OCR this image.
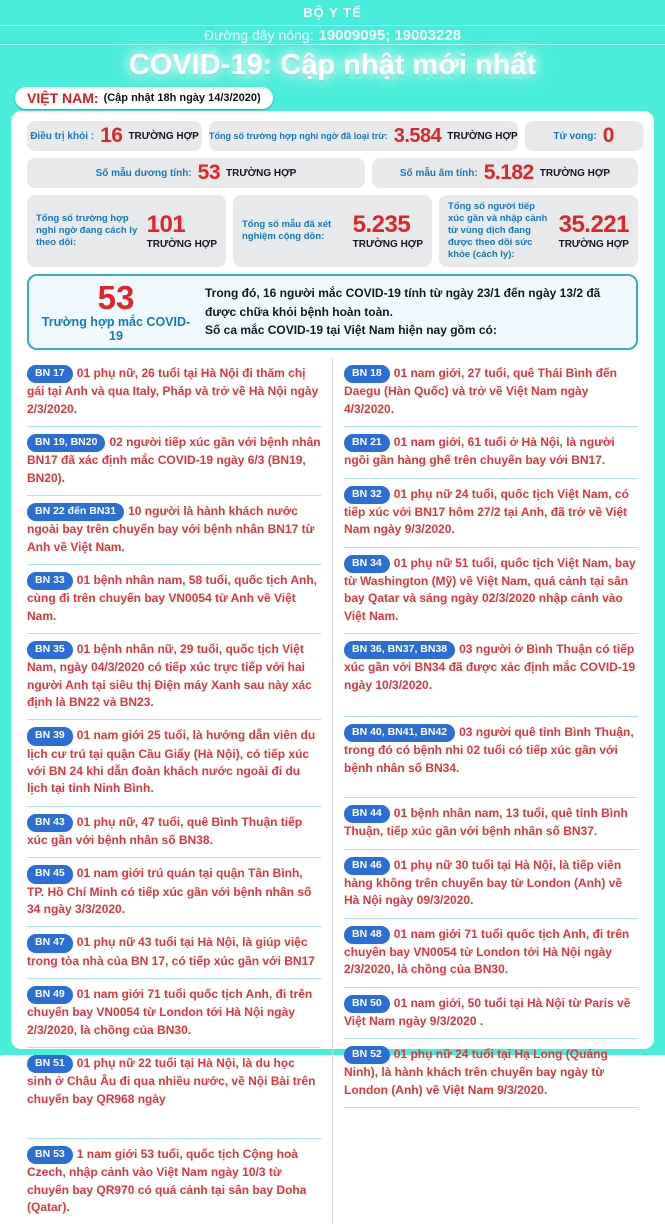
BỘ Y TẾ
Đường dây nóng: 19009095; 19003228
COVID-19: Cập nhật mới nhất
VIỆT NAM: (Cập nhật 18h ngày 14/3/2020)
Điều trị khỏi : 16 TRƯỜNG HỢP Tổng số trường hợp nghi ngờ đã loại trừ: 3.584 TRƯỜNG HỢP	Tử vong: 0
Số mẫu dương tính: 53 TRƯỜNG HỢP	Số mẫu âm tính: 5.182 TRƯỜNG HỢP
Tổng số trường hợp nghi ngờ đang cách ly theo dõi:
101
TRƯỜNG HỢP
Tổng số mẫu đã xét nghiệm cộng dồn:	5.235
TRƯỜNG HỢP
Tổng số người tiếp xúc gần và nhập cảnh từ vùng dịch đang được theo dõi sức khỏe (cách ly):
35.221
TRƯỜNG HỢP
53
Trường hợp mắc COVID-19
Trong đó, 16 người mắc COVID-19 tính từ ngày 23/1 đến ngày 13/2 đã được chữa khỏi bệnh hoàn toàn.
Số ca mắc COVID-19 tại Việt Nam hiện nay gồm có:

BN 17 01 phụ nữ, 26 tuổi tại Hà Nội đi thăm chị gái tại Anh và qua Italy, Pháp và trở về Hà Nội ngày 2/3/2020.

BN 19, BN20 02 người tiếp xúc gần với bệnh nhân BN17 đã xác định mắc COVID-19 ngày 6/3 (BN19, BN20).

BN 22 đến BN31 10 người là hành khách nước ngoài bay trên chuyến bay với bệnh nhân BN17 từ Anh về Việt Nam.

BN 33 01 bệnh nhân nam, 58 tuổi, quốc tịch Anh, cùng đi trên chuyến bay VN0054 từ Anh về Việt Nam.

BN 35 01 bệnh nhân nữ, 29 tuổi, quốc tịch Việt Nam, ngày 04/3/2020 có tiếp xúc trực tiếp với hai người Anh tại siêu thị Điện máy Xanh sau này xác định là BN22 và BN23.

BN 39 01 nam giới 25 tuổi, là hướng dẫn viên du lịch cư trú tại quận Cầu Giấy (Hà Nội), có tiếp xúc với BN 24 khi dẫn đoàn khách nước ngoài đi du lịch tại tỉnh Ninh Bình.

BN 43 01 phụ nữ, 47 tuổi, quê Bình Thuận tiếp xúc gần với bệnh nhân số BN38.

BN 45 01 nam giới trú quán tại quận Tân Bình, TP. Hồ Chí Minh có tiếp xúc gần với bệnh nhân số 34 ngày 3/3/2020.

BN 47 01 phụ nữ 43 tuổi tại Hà Nội, là giúp việc trong tòa nhà của BN 17, có tiếp xúc gần với BN17

BN 49 01 nam giới 71 tuổi quốc tịch Anh, đi trên chuyến bay VN0054 từ London tới Hà Nội ngày 2/3/2020, là chồng của BN30.

BN 51 01 phụ nữ 22 tuổi tại Hà Nội, là du học sinh ở Châu Âu đi qua nhiều nước, về Nội Bài trên chuyến bay QR968 ngày

BN 53 1 nam giới 53 tuổi, quốc tịch Cộng hoà Czech, nhập cảnh vào Việt Nam ngày 10/3 từ chuyến bay QR970 có quá cảnh tại sân bay Doha (Qatar).

BN 18 01 nam giới, 27 tuổi, quê Thái Bình đến Daegu (Hàn Quốc) và trở về Việt Nam ngày 4/3/2020.

BN 21 01 nam giới, 61 tuổi ở Hà Nội, là người ngồi gần hàng ghế trên chuyến bay với BN17.

BN 32 01 phụ nữ 24 tuổi, quốc tịch Việt Nam, có tiếp xúc với BN17 hôm 27/2 tại Anh, đã trở về Việt Nam ngày 9/3/2020.

BN 34 01 phụ nữ 51 tuổi, quốc tịch Việt Nam, bay từ Washington (Mỹ) về Việt Nam, quá cảnh tại sân bay Qatar và sáng ngày 02/3/2020 nhập cảnh vào Việt Nam.

BN 36, BN37, BN38 03 người ở Bình Thuận có tiếp xúc gần với BN34 đã được xác định mắc COVID-19 ngày 10/3/2020.

BN 40, BN41, BN42 03 người quê tỉnh Bình Thuận, trong đó có bệnh nhi 02 tuổi có tiếp xúc gần với bệnh nhân số BN34.

BN 44 01 bệnh nhân nam, 13 tuổi, quê tỉnh Bình Thuận, tiếp xúc gần với bệnh nhân số BN37.

BN 46 01 phụ nữ 30 tuổi tại Hà Nội, là tiếp viên hàng không trên chuyến bay từ London (Anh) về Hà Nội ngày 09/3/2020.

BN 48 01 nam giới 71 tuổi quốc tịch Anh, đi trên chuyến bay VN0054 từ London tới Hà Nội ngày 2/3/2020, là chồng của BN30.

BN 50 01 nam giới, 50 tuổi tại Hà Nội từ Paris về Việt Nam ngày 9/3/2020 .

BN 52 01 phụ nữ 24 tuổi tại Hạ Long (Quảng Ninh), là hành khách trên chuyến bay ngày từ London (Anh) về Việt Nam 9/3/2020.
